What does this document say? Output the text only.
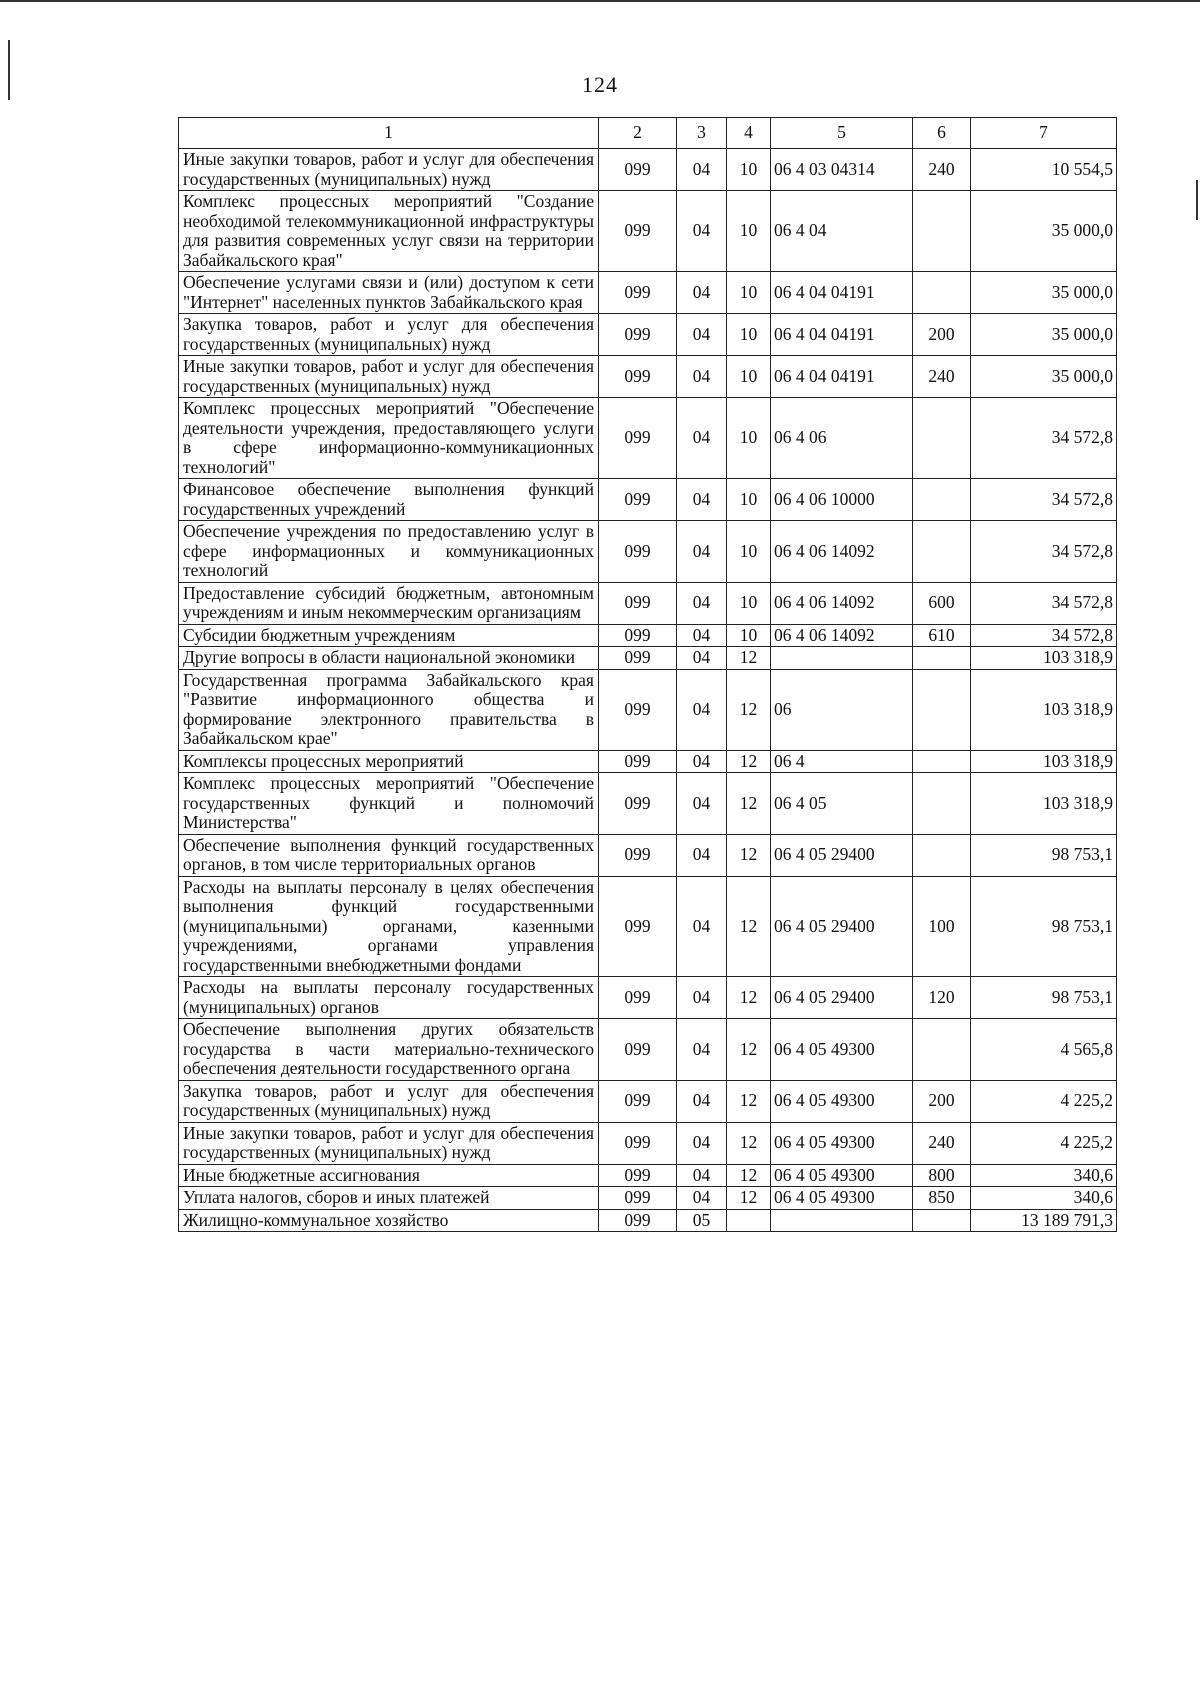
124
1	2	3	4	5	6	7
Иные закупки товаров, работ и услуг для обеспечения государственных (муниципальных) нужд	099	04	10	06 4 03 04314	240	10 554,5
Комплекс процессных мероприятий "Создание необходимой телекоммуникационной инфраструктуры для развития современных услуг связи на территории Забайкальского края"	099	04	10	06 4 04		35 000,0
Обеспечение услугами связи и (или) доступом к сети "Интернет" населенных пунктов Забайкальского края	099	04	10	06 4 04 04191		35 000,0
Закупка товаров, работ и услуг для обеспечения государственных (муниципальных) нужд	099	04	10	06 4 04 04191	200	35 000,0
Иные закупки товаров, работ и услуг для обеспечения государственных (муниципальных) нужд	099	04	10	06 4 04 04191	240	35 000,0
Комплекс процессных мероприятий "Обеспечение деятельности учреждения, предоставляющего услуги в сфере информационно-коммуникационных технологий"	099	04	10	06 4 06		34 572,8
Финансовое обеспечение выполнения функций государственных учреждений	099	04	10	06 4 06 10000		34 572,8
Обеспечение учреждения по предоставлению услуг в сфере информационных и коммуникационных технологий	099	04	10	06 4 06 14092		34 572,8
Предоставление субсидий бюджетным, автономным учреждениям и иным некоммерческим организациям	099	04	10	06 4 06 14092	600	34 572,8
Субсидии бюджетным учреждениям	099	04	10	06 4 06 14092	610	34 572,8
Другие вопросы в области национальной экономики	099	04	12			103 318,9
Государственная программа Забайкальского края "Развитие информационного общества и формирование электронного правительства в Забайкальском крае"	099	04	12	06		103 318,9
Комплексы процессных мероприятий	099	04	12	06 4		103 318,9
Комплекс процессных мероприятий "Обеспечение государственных функций и полномочий Министерства"	099	04	12	06 4 05		103 318,9
Обеспечение выполнения функций государственных органов, в том числе территориальных органов	099	04	12	06 4 05 29400		98 753,1
Расходы на выплаты персоналу в целях обеспечения выполнения функций государственными (муниципальными) органами, казенными учреждениями, органами управления государственными внебюджетными фондами	099	04	12	06 4 05 29400	100	98 753,1
Расходы на выплаты персоналу государственных (муниципальных) органов	099	04	12	06 4 05 29400	120	98 753,1
Обеспечение выполнения других обязательств государства в части материально-технического обеспечения деятельности государственного органа	099	04	12	06 4 05 49300		4 565,8
Закупка товаров, работ и услуг для обеспечения государственных (муниципальных) нужд	099	04	12	06 4 05 49300	200	4 225,2
Иные закупки товаров, работ и услуг для обеспечения государственных (муниципальных) нужд	099	04	12	06 4 05 49300	240	4 225,2
Иные бюджетные ассигнования	099	04	12	06 4 05 49300	800	340,6
Уплата налогов, сборов и иных платежей	099	04	12	06 4 05 49300	850	340,6
Жилищно-коммунальное хозяйство	099	05				13 189 791,3
